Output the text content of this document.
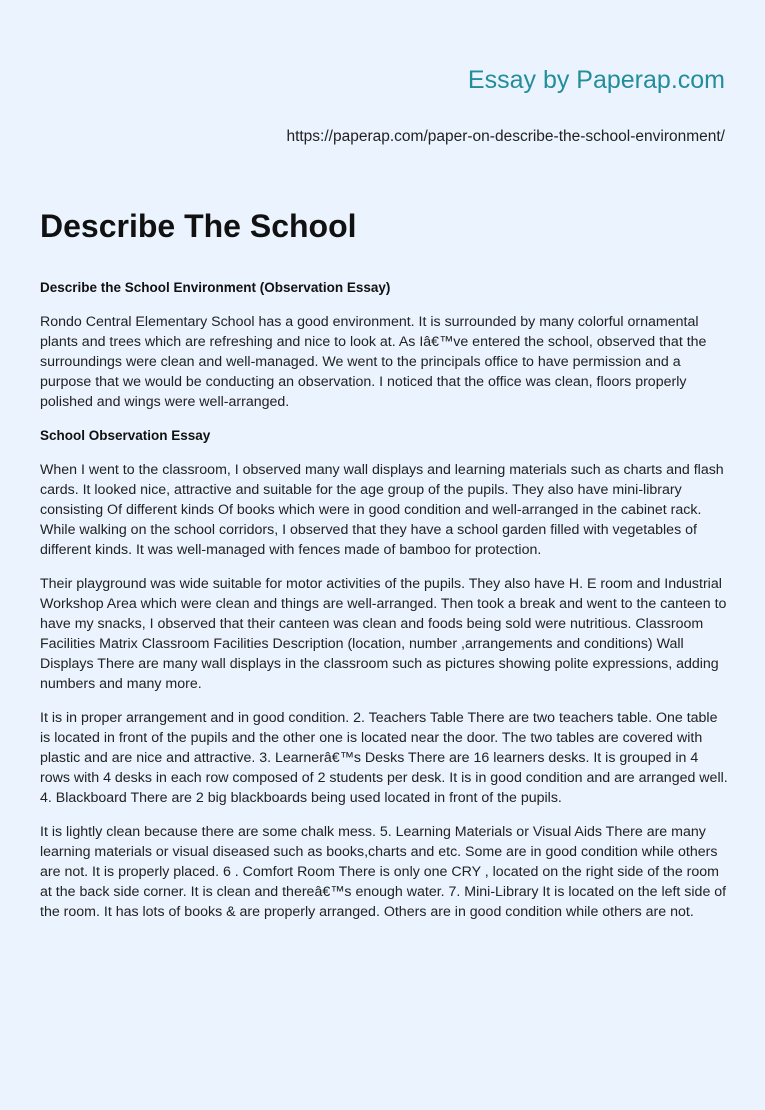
Essay by Paperap.com
https://paperap.com/paper-on-describe-the-school-environment/
Describe The School

Describe the School Environment (Observation Essay)

Rondo Central Elementary School has a good environment. It is surrounded by many colorful ornamental plants and trees which are refreshing and nice to look at. As Iâ€™ve entered the school, observed that the surroundings were clean and well-managed. We went to the principals office to have permission and a purpose that we would be conducting an observation. I noticed that the office was clean, floors properly polished and wings were well-arranged.

School Observation Essay

When I went to the classroom, I observed many wall displays and learning materials such as charts and flash cards. It looked nice, attractive and suitable for the age group of the pupils. They also have mini-library consisting Of different kinds Of books which were in good condition and well-arranged in the cabinet rack. While walking on the school corridors, I observed that they have a school garden filled with vegetables of different kinds. It was well-managed with fences made of bamboo for protection.

Their playground was wide suitable for motor activities of the pupils. They also have H. E room and Industrial Workshop Area which were clean and things are well-arranged. Then took a break and went to the canteen to have my snacks, I observed that their canteen was clean and foods being sold were nutritious. Classroom Facilities Matrix Classroom Facilities Description (location, number ,arrangements and conditions) Wall Displays There are many wall displays in the classroom such as pictures showing polite expressions, adding numbers and many more.

It is in proper arrangement and in good condition. 2. Teachers Table There are two teachers table. One table is located in front of the pupils and the other one is located near the door. The two tables are covered with plastic and are nice and attractive. 3. Learnerâ€™s Desks There are 16 learners desks. It is grouped in 4 rows with 4 desks in each row composed of 2 students per desk. It is in good condition and are arranged well. 4. Blackboard There are 2 big blackboards being used located in front of the pupils.

It is lightly clean because there are some chalk mess. 5. Learning Materials or Visual Aids There are many learning materials or visual diseased such as books,charts and etc. Some are in good condition while others are not. It is properly placed. 6 . Comfort Room There is only one CRY , located on the right side of the room at the back side corner. It is clean and thereâ€™s enough water. 7. Mini-Library It is located on the left side of the room. It has lots of books & are properly arranged. Others are in good condition while others are not.
